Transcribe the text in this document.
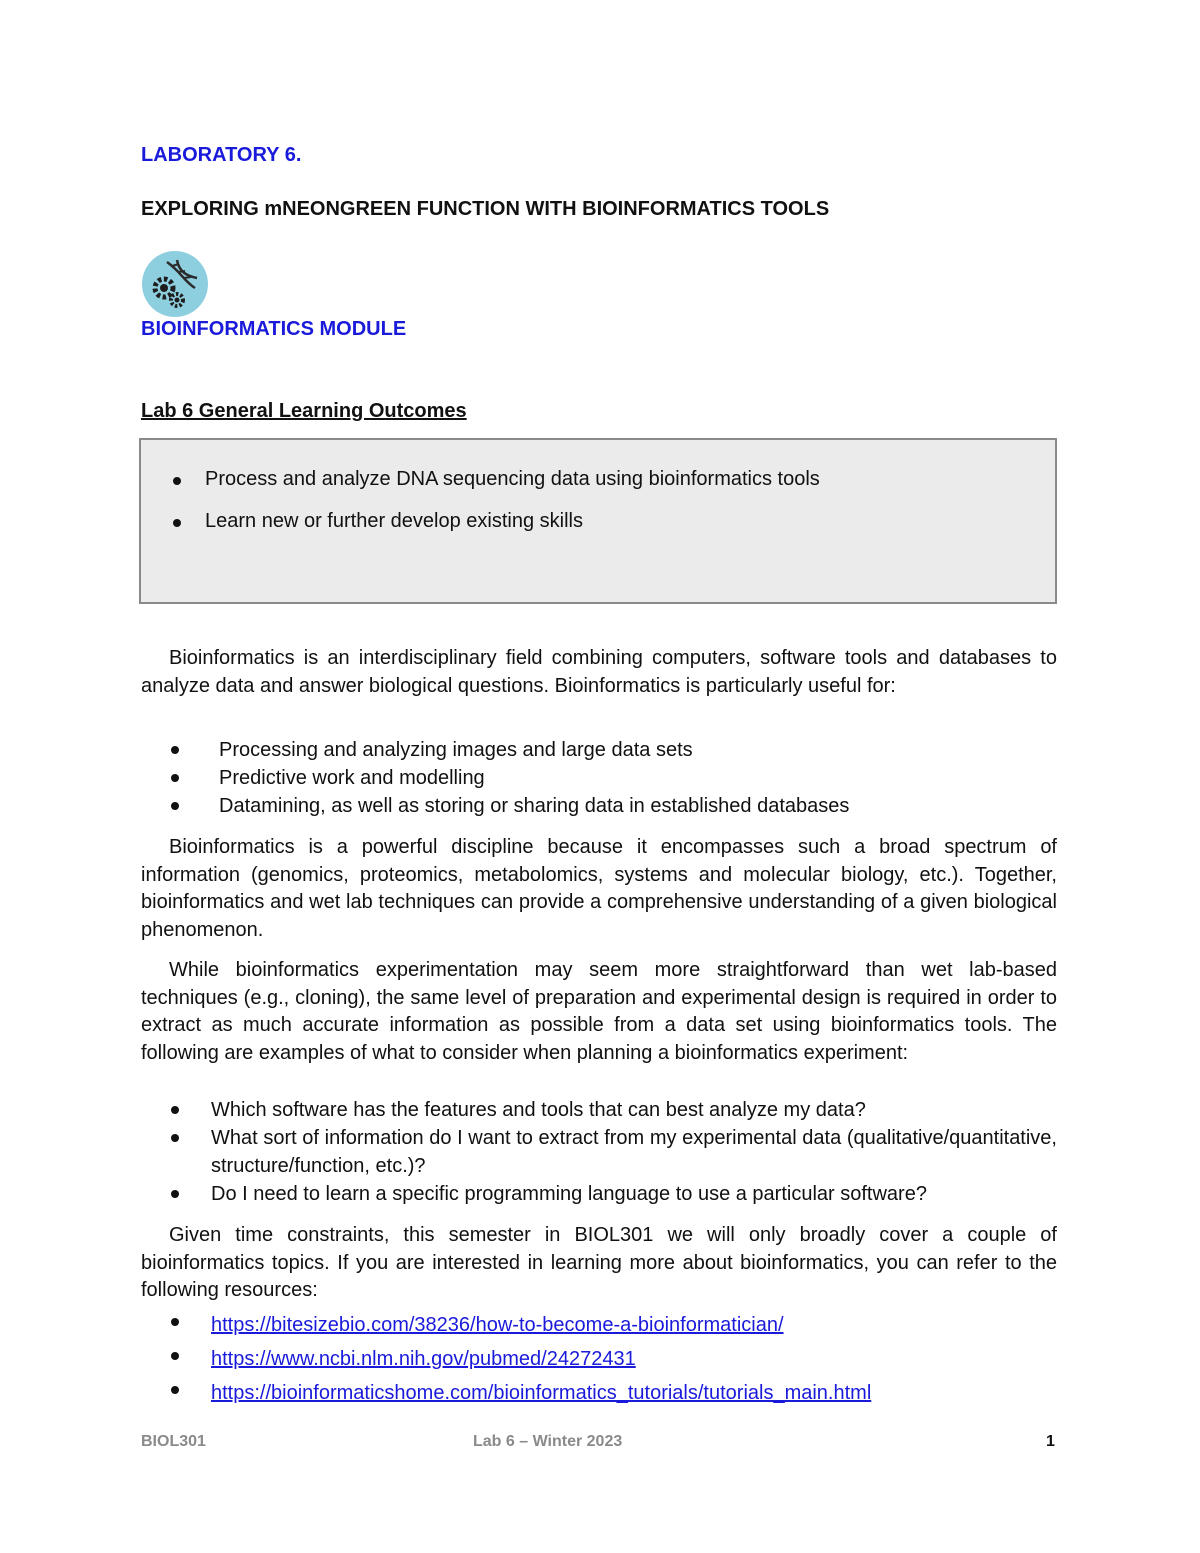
LABORATORY 6.

EXPLORING mNEONGREEN FUNCTION WITH BIOINFORMATICS TOOLS

BIOINFORMATICS MODULE

Lab 6 General Learning Outcomes

Process and analyze DNA sequencing data using bioinformatics tools
Learn new or further develop existing skills

Bioinformatics is an interdisciplinary field combining computers, software tools and databases to analyze data and answer biological questions. Bioinformatics is particularly useful for:

Processing and analyzing images and large data sets
Predictive work and modelling
Datamining, as well as storing or sharing data in established databases

Bioinformatics is a powerful discipline because it encompasses such a broad spectrum of information (genomics, proteomics, metabolomics, systems and molecular biology, etc.). Together, bioinformatics and wet lab techniques can provide a comprehensive understanding of a given biological phenomenon.

While bioinformatics experimentation may seem more straightforward than wet lab-based techniques (e.g., cloning), the same level of preparation and experimental design is required in order to extract as much accurate information as possible from a data set using bioinformatics tools. The following are examples of what to consider when planning a bioinformatics experiment:

Which software has the features and tools that can best analyze my data?
What sort of information do I want to extract from my experimental data (qualitative/quantitative, structure/function, etc.)?
Do I need to learn a specific programming language to use a particular software?

Given time constraints, this semester in BIOL301 we will only broadly cover a couple of bioinformatics topics. If you are interested in learning more about bioinformatics, you can refer to the following resources:

https://bitesizebio.com/38236/how-to-become-a-bioinformatician/
https://www.ncbi.nlm.nih.gov/pubmed/24272431
https://bioinformaticshome.com/bioinformatics_tutorials/tutorials_main.html

BIOL301	Lab 6 – Winter 2023	1
